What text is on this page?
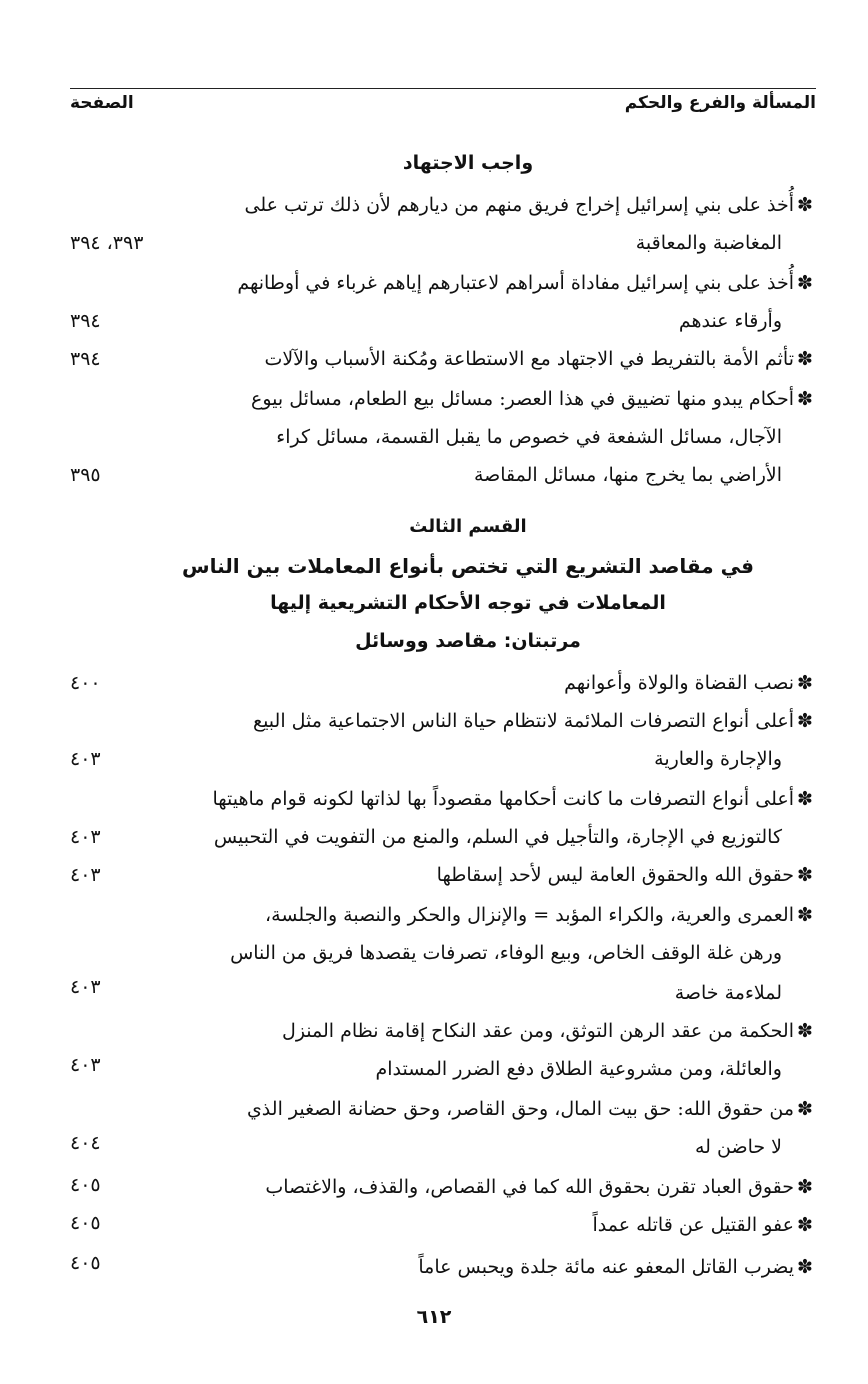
المسألة والفرع والحكم
الصفحة
واجب الاجتهاد
✽أُخذ على بني إسرائيل إخراج فريق منهم من ديارهم لأن ذلك ترتب على
المغاضبة والمعاقبة
٣٩٣، ٣٩٤
✽أُخذ على بني إسرائيل مفاداة أسراهم لاعتبارهم إياهم غرباء في أوطانهم
وأرقاء عندهم
٣٩٤
✽تأثم الأمة بالتفريط في الاجتهاد مع الاستطاعة ومُكنة الأسباب والآلات
٣٩٤
✽أحكام يبدو منها تضييق في هذا العصر: مسائل بيع الطعام، مسائل بيوع
الآجال، مسائل الشفعة في خصوص ما يقبل القسمة، مسائل كراء
الأراضي بما يخرج منها، مسائل المقاصة
٣٩٥
القسم الثالث
في مقاصد التشريع التي تختص بأنواع المعاملات بين الناس
المعاملات في توجه الأحكام التشريعية إليها
مرتبتان: مقاصد ووسائل
✽نصب القضاة والولاة وأعوانهم
٤٠٠
✽أعلى أنواع التصرفات الملائمة لانتظام حياة الناس الاجتماعية مثل البيع
والإجارة والعارية
٤٠٣
✽أعلى أنواع التصرفات ما كانت أحكامها مقصوداً بها لذاتها لكونه قوام ماهيتها
كالتوزيع في الإجارة، والتأجيل في السلم، والمنع من التفويت في التحبيس
٤٠٣
✽حقوق الله والحقوق العامة ليس لأحد إسقاطها
٤٠٣
✽العمرى والعرية، والكراء المؤبد = والإنزال والحكر والنصبة والجلسة،
ورهن غلة الوقف الخاص، وبيع الوفاء، تصرفات يقصدها فريق من الناس
لملاءمة خاصة
٤٠٣
✽الحكمة من عقد الرهن التوثق، ومن عقد النكاح إقامة نظام المنزل
والعائلة، ومن مشروعية الطلاق دفع الضرر المستدام
٤٠٣
✽من حقوق الله: حق بيت المال، وحق القاصر، وحق حضانة الصغير الذي
لا حاضن له
٤٠٤
✽حقوق العباد تقرن بحقوق الله كما في القصاص، والقذف، والاغتصاب
٤٠٥
✽عفو القتيل عن قاتله عمداً
٤٠٥
✽يضرب القاتل المعفو عنه مائة جلدة ويحبس عاماً
٤٠٥
٦١٢
